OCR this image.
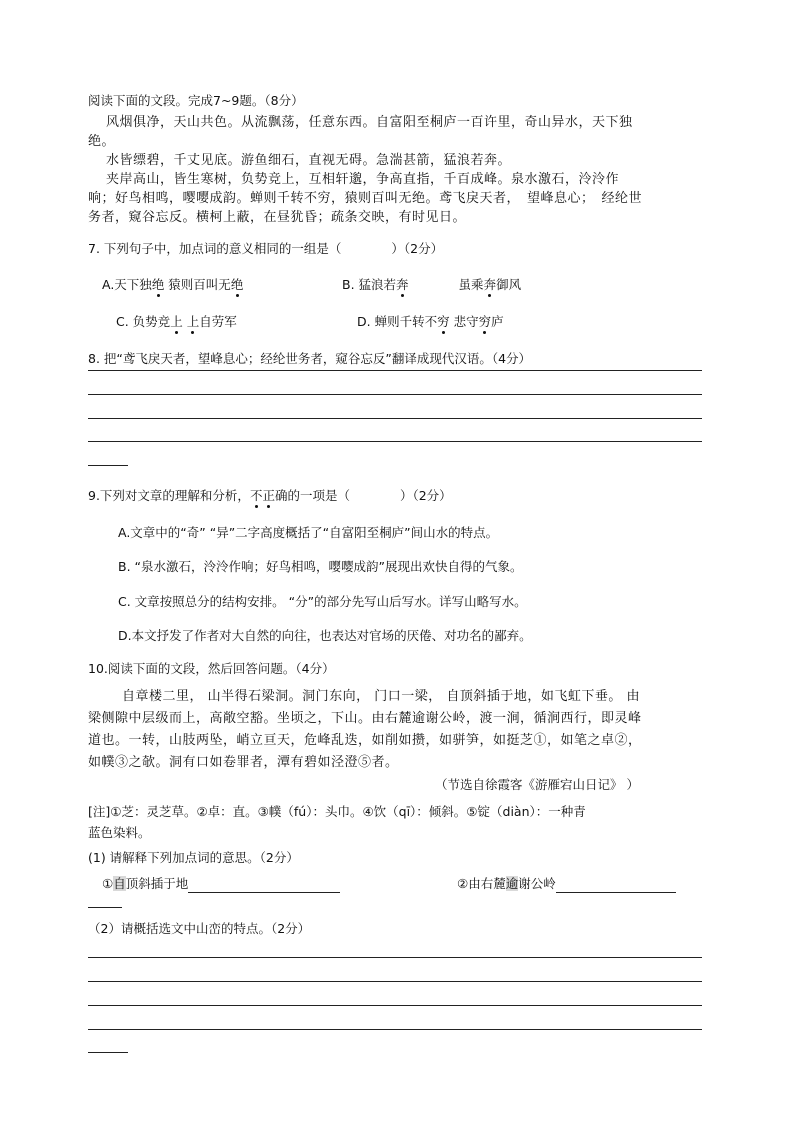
阅读下面的文段。完成7~9题。（8分）
风烟俱净，天山共色。从流飘荡，任意东西。自富阳至桐庐一百许里，奇山异水，天下独
绝。
水皆缥碧，千丈见底。游鱼细石，直视无碍。急湍甚箭，猛浪若奔。
夹岸高山，皆生寒树，负势竞上，互相轩邈，争高直指，千百成峰。泉水激石，泠泠作
响；好鸟相鸣，嘤嘤成韵。蝉则千转不穷，猿则百叫无绝。鸢飞戾天者，　望峰息心；　经纶世
务者，窥谷忘反。横柯上蔽，在昼犹昏；疏条交映，有时见日。
7. 下列句子中，加点词的意义相同的一组是（　　　　）（2分）
A.天下独绝 猿则百叫无绝	B. 猛浪若奔	虽乘奔御风
C. 负势竞上 上自劳军	D. 蝉则千转不穷 悲守穷庐
8. 把“鸢飞戾天者，望峰息心；经纶世务者，窥谷忘反”翻译成现代汉语。（4分）
9.下列对文章的理解和分析，不正确的一项是（　　　　）（2分）
A.文章中的“奇” “异”二字高度概括了“自富阳至桐庐”间山水的特点。
B. “泉水激石，泠泠作响；好鸟相鸣，嘤嘤成韵”展现出欢快自得的气象。
C. 文章按照总分的结构安排。 “分”的部分先写山后写水。详写山略写水。
D.本文抒发了作者对大自然的向往，也表达对官场的厌倦、对功名的鄙弃。
10.阅读下面的文段，然后回答问题。（4分）
自章楼二里， 山半得石梁洞。洞门东向， 门口一梁， 自顶斜插于地，如飞虹下垂。 由
梁侧隙中层级而上，高敞空豁。坐顷之，下山。由右麓逾谢公岭，渡一涧，循涧西行，即灵峰
道也。一转，山肢两坠，峭立亘天，危峰乱迭，如削如攒，如骈笋，如挺芝①，如笔之卓②，
如幞③之欹。洞有口如卷罪者，潭有碧如泾澄⑤者。
（节选自徐霞客《游雁宕山日记》 ）
[注]①芝：灵芝草。②卓：直。③幞（fú）：头巾。④饮（qī）：倾斜。⑤锭（diàn）：一种青
蓝色染料。
(1) 请解释下列加点词的意思。（2分）
①自顶斜插于地	②由右麓逾谢公岭
（2）请概括选文中山峦的特点。（2分）
